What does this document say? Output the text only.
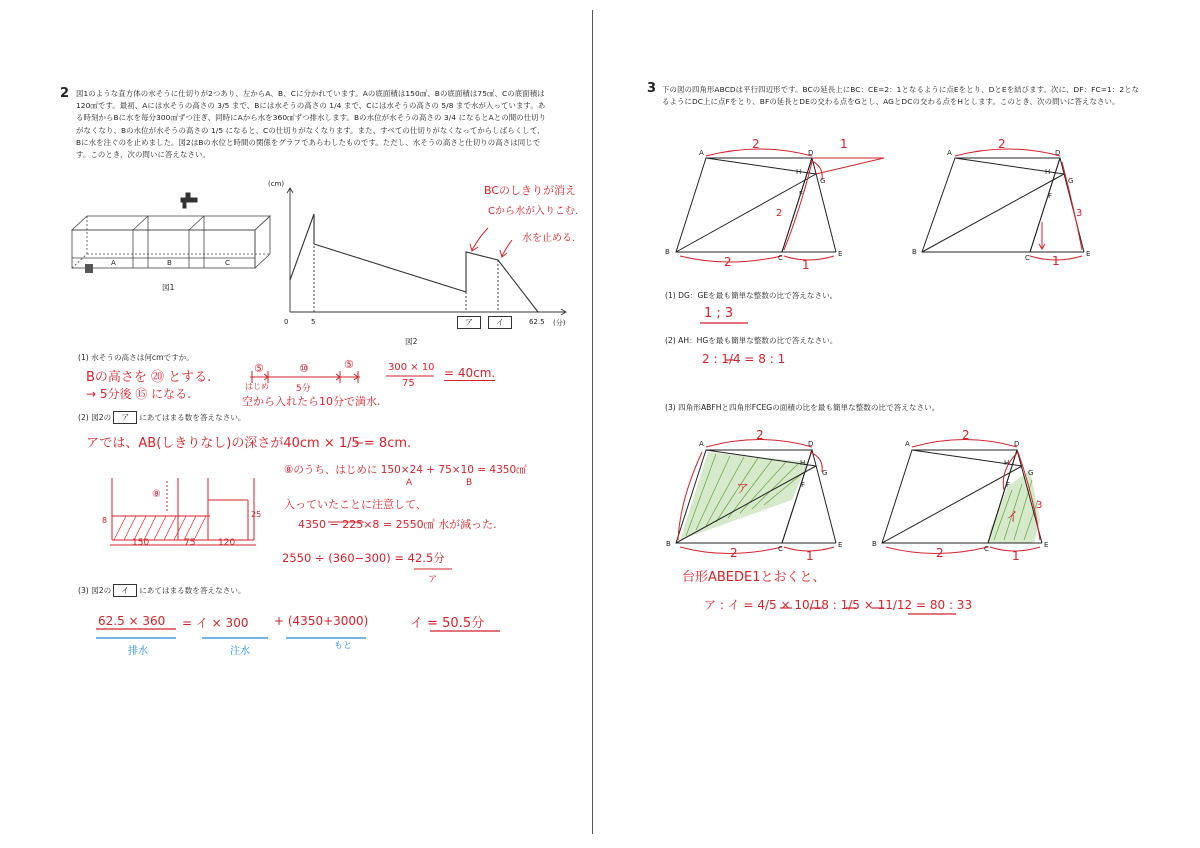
2 図1のような直方体の水そうに仕切りが2つあり、左からA、B、Cに分かれています。Aの底面積は150㎠、Bの底面積は75㎠、Cの底面積は120㎠です。最初、Aには水そうの高さの 3/5 まで、Bには水そうの高さの 1/4 まで、Cには水そうの高さの 5/8 まで水が入っています。ある時刻からBに水を毎分300㎤ずつ注ぎ、同時にAから水を360㎤ずつ排水します。Bの水位が水そうの高さの 3/4 になるとAとの間の仕切りがなくなり、Bの水位が水そうの高さの 1/5 になると、Cの仕切りがなくなります。また、すべての仕切りがなくなってからしばらくして、Bに水を注ぐのを止めました。図2はBの水位と時間の関係をグラフであらわしたものです。ただし、水そうの高さと仕切りの高さは同じです。このとき、次の問いに答えなさい。
A	B	C
図1
(cm)
0	5	62.5 (分)
ア	イ
図2
BCのしきりが消え
Cから水が入りこむ.
水を止める.
(1) 水そうの高さは何cmですか。
Bの高さを ⑳ とする.
→ 5分後 ⑮ になる.
⑤	⑩	⑤
はじめ	5分
空から入れたら10分で満水.
300 × 10
75
= 40cm.
(2) 図2の ア にあてはまる数を答えなさい。
アでは、AB(しきりなし)の深さが40cm × 1/5 = 8cm.
⑧のうち、はじめに 150×24 + 75×10 = 4350㎤
A	B
入っていたことに注意して、
4350 − 225×8 = 2550㎤ 水が減った.
2550 ÷ (360−300) = 42.5分
ア
150	75	120
8
25
⑧
(3) 図2の イ にあてはまる数を答えなさい。
62.5 × 360 = イ × 300 + (4350+3000)
排水	注水	もと
イ = 50.5分
3 下の図の四角形ABCDは平行四辺形です。BCの延長上にBC：CE=2：1となるように点Eをとり、DとEを結びます。次に、DF：FC=1：2となるようにDC上に点Fをとり、BFの延長とDEの交わる点をGとし、AGとDCの交わる点をHとします。このとき、次の問いに答えなさい。
A
B
C
D
E
F
G
H
2	1
2	1
2
A
B
C
D
E
F
G
H
2
3
1
(1) DG：GEを最も簡単な整数の比で答えなさい。
1 ; 3
(2) AH：HGを最も簡単な整数の比で答えなさい。
2 : 1/4 = 8 : 1
(3) 四角形ABFHと四角形FCEGの面積の比を最も簡単な整数の比で答えなさい。
A
B
C
D
E
F
G
H
ア
2
2	1
A
B
C
D
E
F
G
H
イ
2
3
2	1
台形ABEDE1とおくと、
ア : イ = 4/5 × 10/18 : 1/5 × 11/12 = 80 : 33
